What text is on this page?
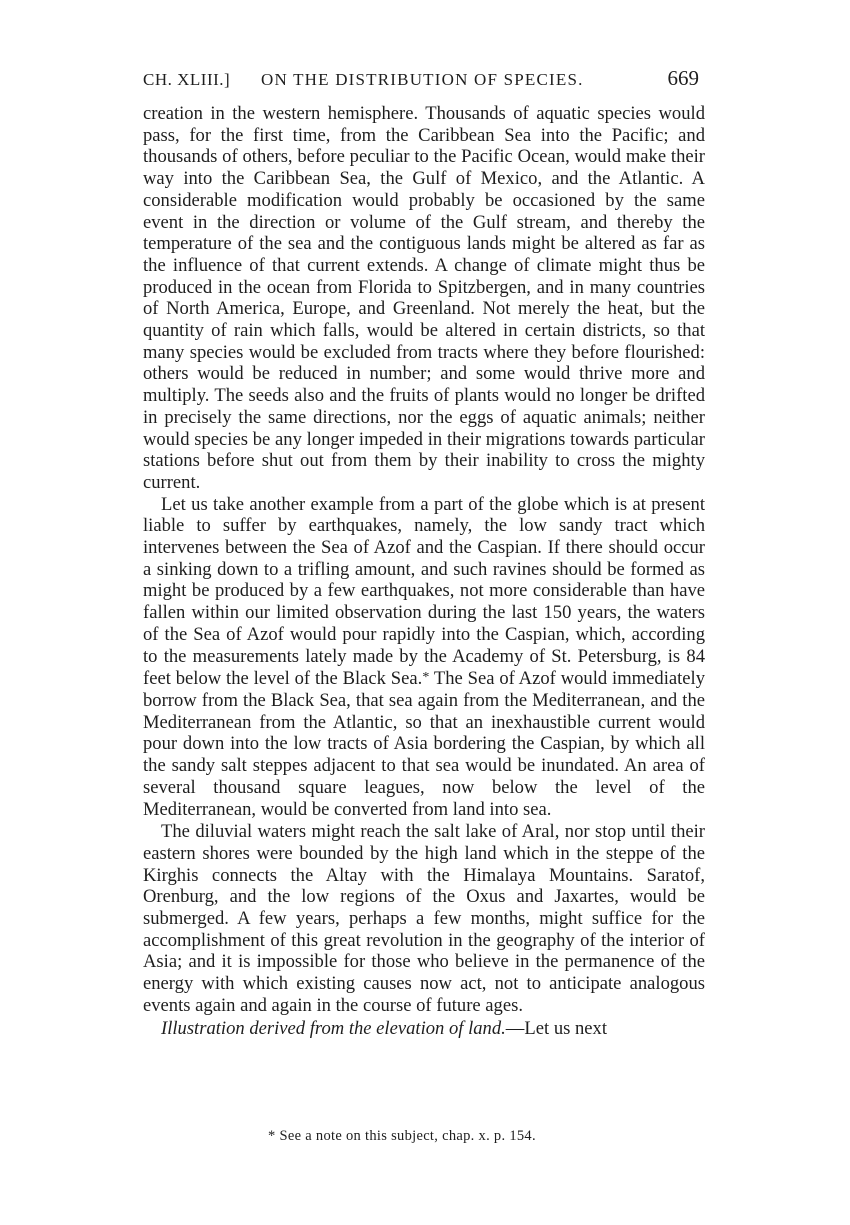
CH. XLIII.] ON THE DISTRIBUTION OF SPECIES.	669

creation in the western hemisphere. Thousands of aquatic species would pass, for the first time, from the Caribbean Sea into the Pacific; and thousands of others, before peculiar to the Pacific Ocean, would make their way into the Caribbean Sea, the Gulf of Mexico, and the Atlantic. A considerable modification would probably be occasioned by the same event in the direction or volume of the Gulf stream, and thereby the temperature of the sea and the contiguous lands might be altered as far as the influence of that current extends. A change of climate might thus be produced in the ocean from Florida to Spitzbergen, and in many countries of North America, Europe, and Greenland. Not merely the heat, but the quantity of rain which falls, would be altered in certain districts, so that many species would be excluded from tracts where they before flourished: others would be reduced in number; and some would thrive more and multiply. The seeds also and the fruits of plants would no longer be drifted in precisely the same directions, nor the eggs of aquatic animals; neither would species be any longer impeded in their migrations towards particular stations before shut out from them by their inability to cross the mighty current.

Let us take another example from a part of the globe which is at present liable to suffer by earthquakes, namely, the low sandy tract which intervenes between the Sea of Azof and the Caspian. If there should occur a sinking down to a trifling amount, and such ravines should be formed as might be produced by a few earthquakes, not more considerable than have fallen within our limited observation during the last 150 years, the waters of the Sea of Azof would pour rapidly into the Caspian, which, according to the measurements lately made by the Academy of St. Petersburg, is 84 feet below the level of the Black Sea.* The Sea of Azof would immediately borrow from the Black Sea, that sea again from the Mediterranean, and the Mediterranean from the Atlantic, so that an inexhaustible current would pour down into the low tracts of Asia bordering the Caspian, by which all the sandy salt steppes adjacent to that sea would be inundated. An area of several thousand square leagues, now below the level of the Mediterranean, would be converted from land into sea.

The diluvial waters might reach the salt lake of Aral, nor stop until their eastern shores were bounded by the high land which in the steppe of the Kirghis connects the Altay with the Himalaya Mountains. Saratof, Orenburg, and the low regions of the Oxus and Jaxartes, would be submerged. A few years, perhaps a few months, might suffice for the accomplishment of this great revolution in the geography of the interior of Asia; and it is impossible for those who believe in the permanence of the energy with which existing causes now act, not to anticipate analogous events again and again in the course of future ages.

Illustration derived from the elevation of land.—Let us next

* See a note on this subject, chap. x. p. 154.
